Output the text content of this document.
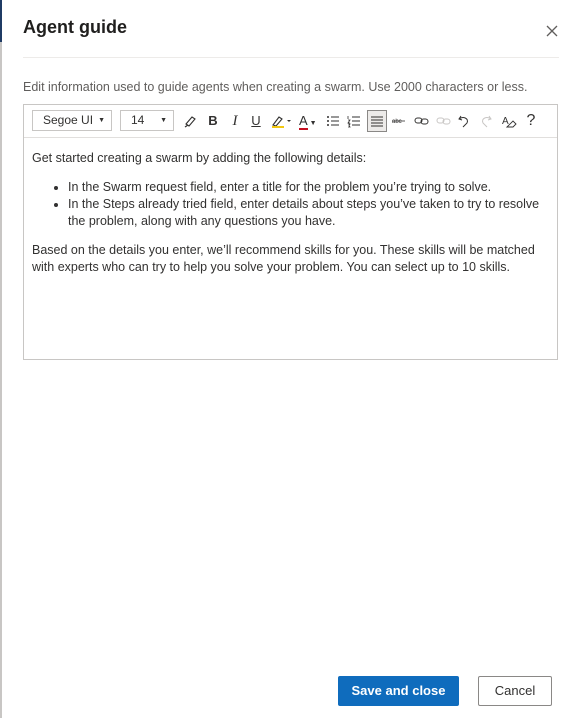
Agent guide
Edit information used to guide agents when creating a swarm. Use 2000 characters or less.
Segoe UI ▼	14 ▼	B I	U	A ▼	abc	A ?

Get started creating a swarm by adding the following details:

• In the Swarm request field, enter a title for the problem you’re trying to solve.
• In the Steps already tried field, enter details about steps you’ve taken to try to resolve the problem, along with any questions you have.

Based on the details you enter, we’ll recommend skills for you. These skills will be matched with experts who can try to help you solve your problem. You can select up to 10 skills.

Save and close	Cancel
